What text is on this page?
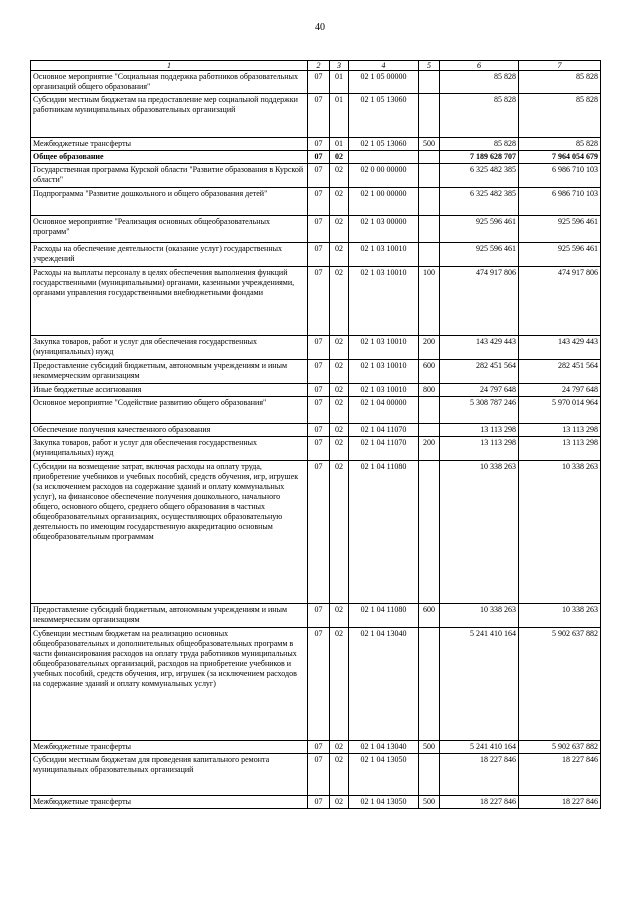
40
1	2	3	4	5	6	7
Основное мероприятие "Социальная поддержка работников образовательных организаций общего образования"	07	01	02 1 05 00000		85 828	85 828
Субсидии местным бюджетам на предоставление мер социальной поддержки работникам муниципальных образовательных организаций	07	01	02 1 05 13060		85 828	85 828
Межбюджетные трансферты	07	01	02 1 05 13060	500	85 828	85 828
Общее образование	07	02			7 189 628 707	7 964 054 679
Государственная программа Курской области "Развитие образования в Курской области"	07	02	02 0 00 00000		6 325 482 385	6 986 710 103
Подпрограмма "Развитие дошкольного и общего образования детей"	07	02	02 1 00 00000		6 325 482 385	6 986 710 103
Основное мероприятие "Реализация основных общеобразовательных программ"	07	02	02 1 03 00000		925 596 461	925 596 461
Расходы на обеспечение деятельности (оказание услуг) государственных учреждений	07	02	02 1 03 10010		925 596 461	925 596 461
Расходы на выплаты персоналу в целях обеспечения выполнения функций государственными (муниципальными) органами, казенными учреждениями, органами управления государственными внебюджетными фондами	07	02	02 1 03 10010	100	474 917 806	474 917 806
Закупка товаров, работ и услуг для обеспечения государственных (муниципальных) нужд	07	02	02 1 03 10010	200	143 429 443	143 429 443
Предоставление субсидий бюджетным, автономным учреждениям и иным некоммерческим организациям	07	02	02 1 03 10010	600	282 451 564	282 451 564
Иные бюджетные ассигнования	07	02	02 1 03 10010	800	24 797 648	24 797 648
Основное мероприятие "Содействие развитию общего образования"	07	02	02 1 04 00000		5 308 787 246	5 970 014 964
Обеспечение получения качественного образования	07	02	02 1 04 11070		13 113 298	13 113 298
Закупка товаров, работ и услуг для обеспечения государственных (муниципальных) нужд	07	02	02 1 04 11070	200	13 113 298	13 113 298
Субсидии на возмещение затрат, включая расходы на оплату труда, приобретение учебников и учебных пособий, средств обучения, игр, игрушек (за исключением расходов на содержание зданий и оплату коммунальных услуг), на финансовое обеспечение получения дошкольного, начального общего, основного общего, среднего общего образования в частных общеобразовательных организациях, осуществляющих образовательную деятельность по имеющим государственную аккредитацию основным общеобразовательным программам	07	02	02 1 04 11080		10 338 263	10 338 263
Предоставление субсидий бюджетным, автономным учреждениям и иным некоммерческим организациям	07	02	02 1 04 11080	600	10 338 263	10 338 263
Субвенции местным бюджетам на реализацию основных общеобразовательных и дополнительных общеобразовательных программ в части финансирования расходов на оплату труда работников муниципальных общеобразовательных организаций, расходов на приобретение учебников и учебных пособий, средств обучения, игр, игрушек (за исключением расходов на содержание зданий и оплату коммунальных услуг)	07	02	02 1 04 13040		5 241 410 164	5 902 637 882
Межбюджетные трансферты	07	02	02 1 04 13040	500	5 241 410 164	5 902 637 882
Субсидии местным бюджетам для проведения капитального ремонта муниципальных образовательных организаций	07	02	02 1 04 13050		18 227 846	18 227 846
Межбюджетные трансферты	07	02	02 1 04 13050	500	18 227 846	18 227 846
